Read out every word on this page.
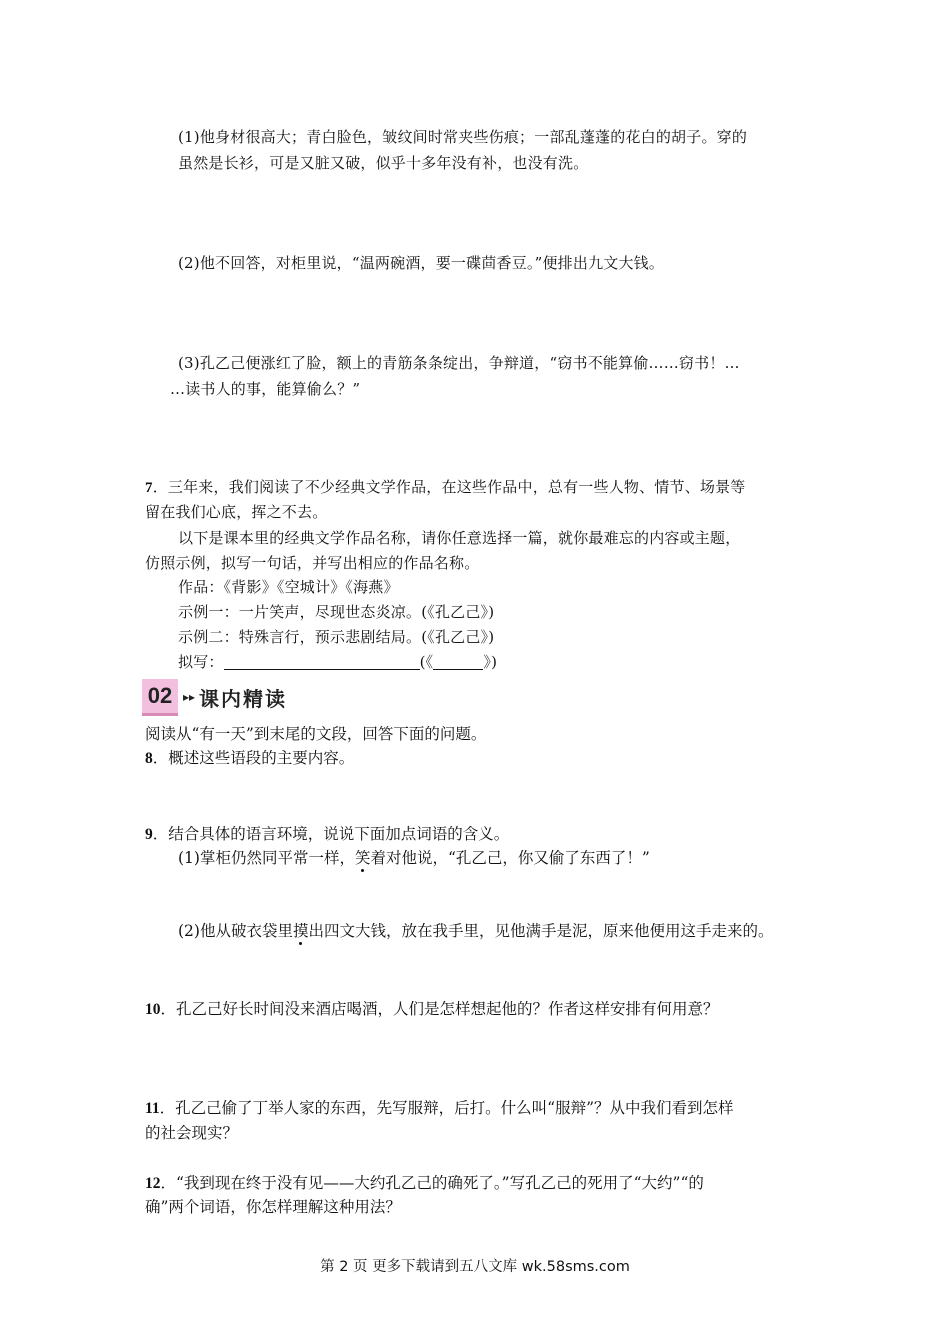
(1)他身材很高大；青白脸色，皱纹间时常夹些伤痕；一部乱蓬蓬的花白的胡子。穿的
虽然是长衫，可是又脏又破，似乎十多年没有补，也没有洗。
(2)他不回答，对柜里说，“温两碗酒，要一碟茴香豆。”便排出九文大钱。
(3)孔乙己便涨红了脸，额上的青筋条条绽出，争辩道，“窃书不能算偷……窃书！…
…读书人的事，能算偷么？”
7．三年来，我们阅读了不少经典文学作品，在这些作品中，总有一些人物、情节、场景等
留在我们心底，挥之不去。
以下是课本里的经典文学作品名称，请你任意选择一篇，就你最难忘的内容或主题，
仿照示例，拟写一句话，并写出相应的作品名称。
作品：《背影》《空城计》《海燕》
示例一：一片笑声，尽现世态炎凉。(《孔乙己》)
示例二：特殊言行，预示悲剧结局。(《孔乙己》)
拟写：	(《	》)
02 ▸▸ 课内精读
阅读从“有一天”到末尾的文段，回答下面的问题。
8．概述这些语段的主要内容。
9．结合具体的语言环境，说说下面加点词语的含义。
(1)掌柜仍然同平常一样，笑着对他说，“孔乙己，你又偷了东西了！”
(2)他从破衣袋里摸出四文大钱，放在我手里，见他满手是泥，原来他便用这手走来的。
10．孔乙己好长时间没来酒店喝酒，人们是怎样想起他的？作者这样安排有何用意？
11．孔乙己偷了丁举人家的东西，先写服辩，后打。什么叫“服辩”？从中我们看到怎样
的社会现实？
12．“我到现在终于没有见——大约孔乙己的确死了。”写孔乙己的死用了“大约”“的
确”两个词语，你怎样理解这种用法？
第 2 页 更多下载请到五八文库 wk.58sms.com
